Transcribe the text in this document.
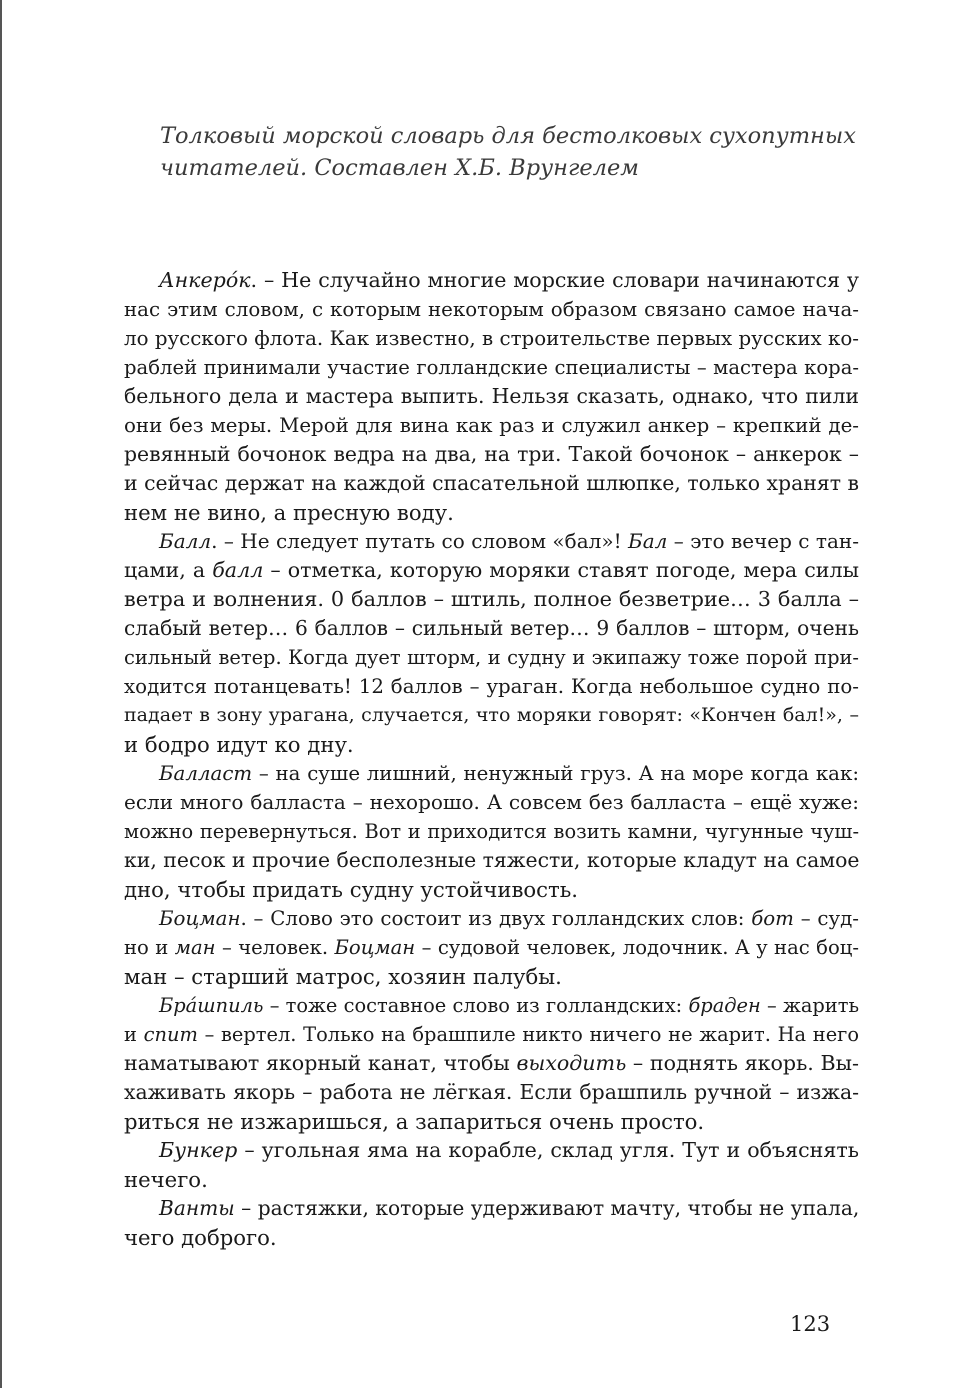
Толковый морской словарь для бестолковых сухопутных
читателей. Составлен Х.Б. Врунгелем
Анкеро́к. – Не случайно многие морские словари начинаются у
нас этим словом, с которым некоторым образом связано самое нача-
ло русского флота. Как известно, в строительстве первых русских ко-
раблей принимали участие голландские специалисты – мастера кора-
бельного дела и мастера выпить. Нельзя сказать, однако, что пили
они без меры. Мерой для вина как раз и служил анкер – крепкий де-
ревянный бочонок ведра на два, на три. Такой бочонок – анкерок –
и сейчас держат на каждой спасательной шлюпке, только хранят в
нем не вино, а пресную воду.
Балл. – Не следует путать со словом «бал»! Бал – это вечер с тан-
цами, а балл – отметка, которую моряки ставят погоде, мера силы
ветра и волнения. 0 баллов – штиль, полное безветрие… 3 балла –
слабый ветер… 6 баллов – сильный ветер… 9 баллов – шторм, очень
сильный ветер. Когда дует шторм, и судну и экипажу тоже порой при-
ходится потанцевать! 12 баллов – ураган. Когда небольшое судно по-
падает в зону урагана, случается, что моряки говорят: «Кончен бал!», –
и бодро идут ко дну.
Балласт – на суше лишний, ненужный груз. А на море когда как:
если много балласта – нехорошо. А совсем без балласта – ещё хуже:
можно перевернуться. Вот и приходится возить камни, чугунные чуш-
ки, песок и прочие бесполезные тяжести, которые кладут на самое
дно, чтобы придать судну устойчивость.
Боцман. – Слово это состоит из двух голландских слов: бот – суд-
но и ман – человек. Боцман – судовой человек, лодочник. А у нас боц-
ман – старший матрос, хозяин палубы.
Бра́шпиль – тоже составное слово из голландских: браден – жарить
и спит – вертел. Только на брашпиле никто ничего не жарит. На него
наматывают якорный канат, чтобы выходить – поднять якорь. Вы-
хаживать якорь – работа не лёгкая. Если брашпиль ручной – изжа-
риться не изжаришься, а запариться очень просто.
Бункер – угольная яма на корабле, склад угля. Тут и объяснять
нечего.
Ванты – растяжки, которые удерживают мачту, чтобы не упала,
чего доброго.
123
